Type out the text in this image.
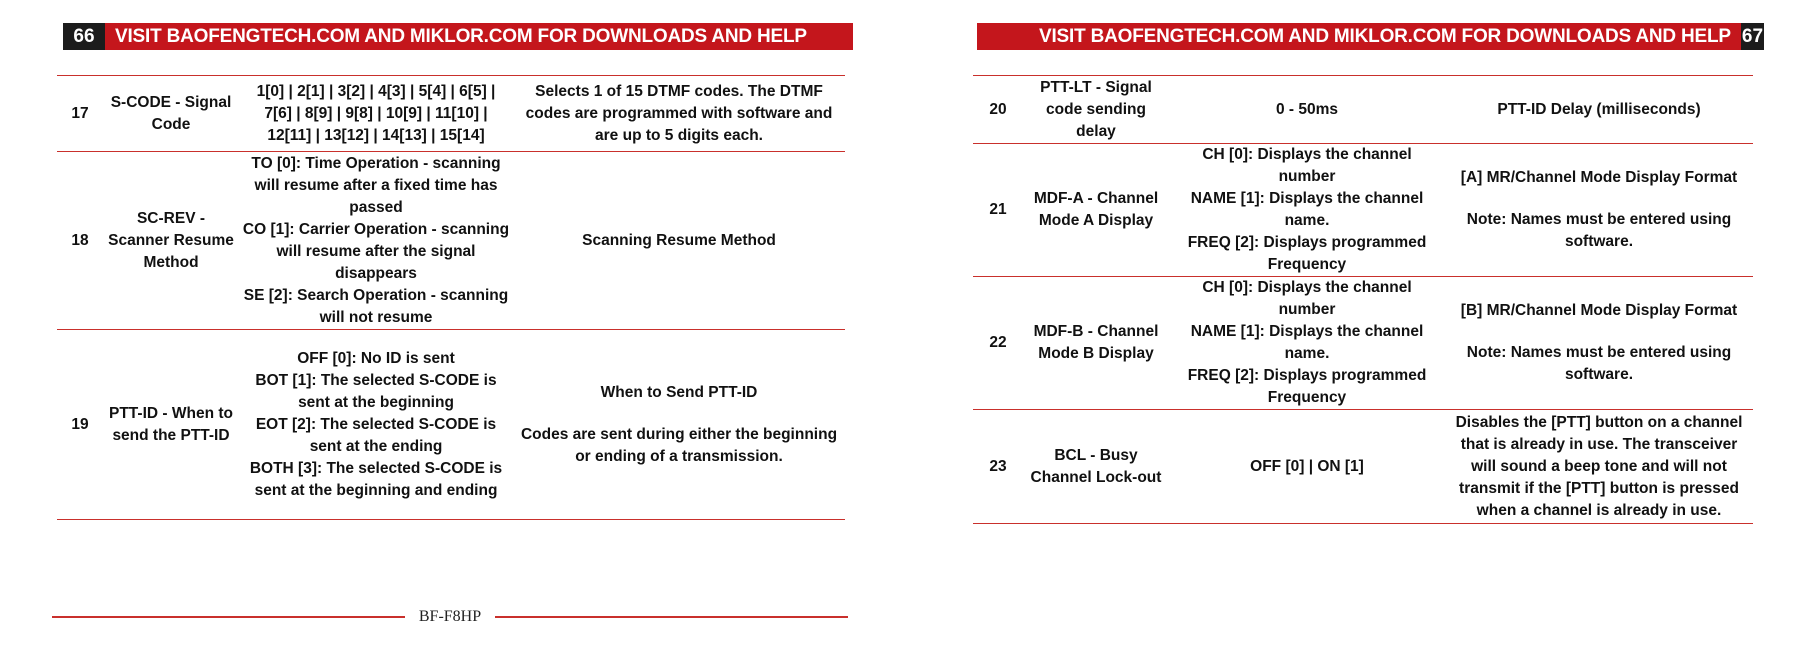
66	VISIT BAOFENGTECH.COM AND MIKLOR.COM FOR DOWNLOADS AND HELP
17	S-CODE - Signal Code	1[0] | 2[1] | 3[2] | 4[3] | 5[4] | 6[5] | 7[6] | 8[9] | 9[8] | 10[9] | 11[10] | 12[11] | 13[12] | 14[13] | 15[14]	Selects 1 of 15 DTMF codes. The DTMF codes are programmed with software and are up to 5 digits each.

18	SC-REV - Scanner Resume Method	TO [0]: Time Operation - scanning will resume after a fixed time has passed
CO [1]: Carrier Operation - scanning will resume after the signal disappears
SE [2]: Search Operation - scanning will not resume	Scanning Resume Method

19	PTT-ID - When to send the PTT-ID	OFF [0]: No ID is sent
BOT [1]: The selected S-CODE is sent at the beginning
EOT [2]: The selected S-CODE is sent at the ending
BOTH [3]: The selected S-CODE is sent at the beginning and ending	When to Send PTT-ID
Codes are sent during either the beginning or ending of a transmission.
BF-F8HP
VISIT BAOFENGTECH.COM AND MIKLOR.COM FOR DOWNLOADS AND HELP 67
20	PTT-LT - Signal code sending delay	0 - 50ms	PTT-ID Delay (milliseconds)

21	MDF-A - Channel Mode A Display	CH [0]: Displays the channel number
NAME [1]: Displays the channel name.
FREQ [2]: Displays programmed Frequency	[A] MR/Channel Mode Display Format
Note: Names must be entered using software.

22	MDF-B - Channel Mode B Display	CH [0]: Displays the channel number
NAME [1]: Displays the channel name.
FREQ [2]: Displays programmed Frequency	[B] MR/Channel Mode Display Format
Note: Names must be entered using software.

23	BCL - Busy Channel Lock-out	OFF [0] | ON [1]	Disables the [PTT] button on a channel that is already in use. The transceiver will sound a beep tone and will not transmit if the [PTT] button is pressed when a channel is already in use.
